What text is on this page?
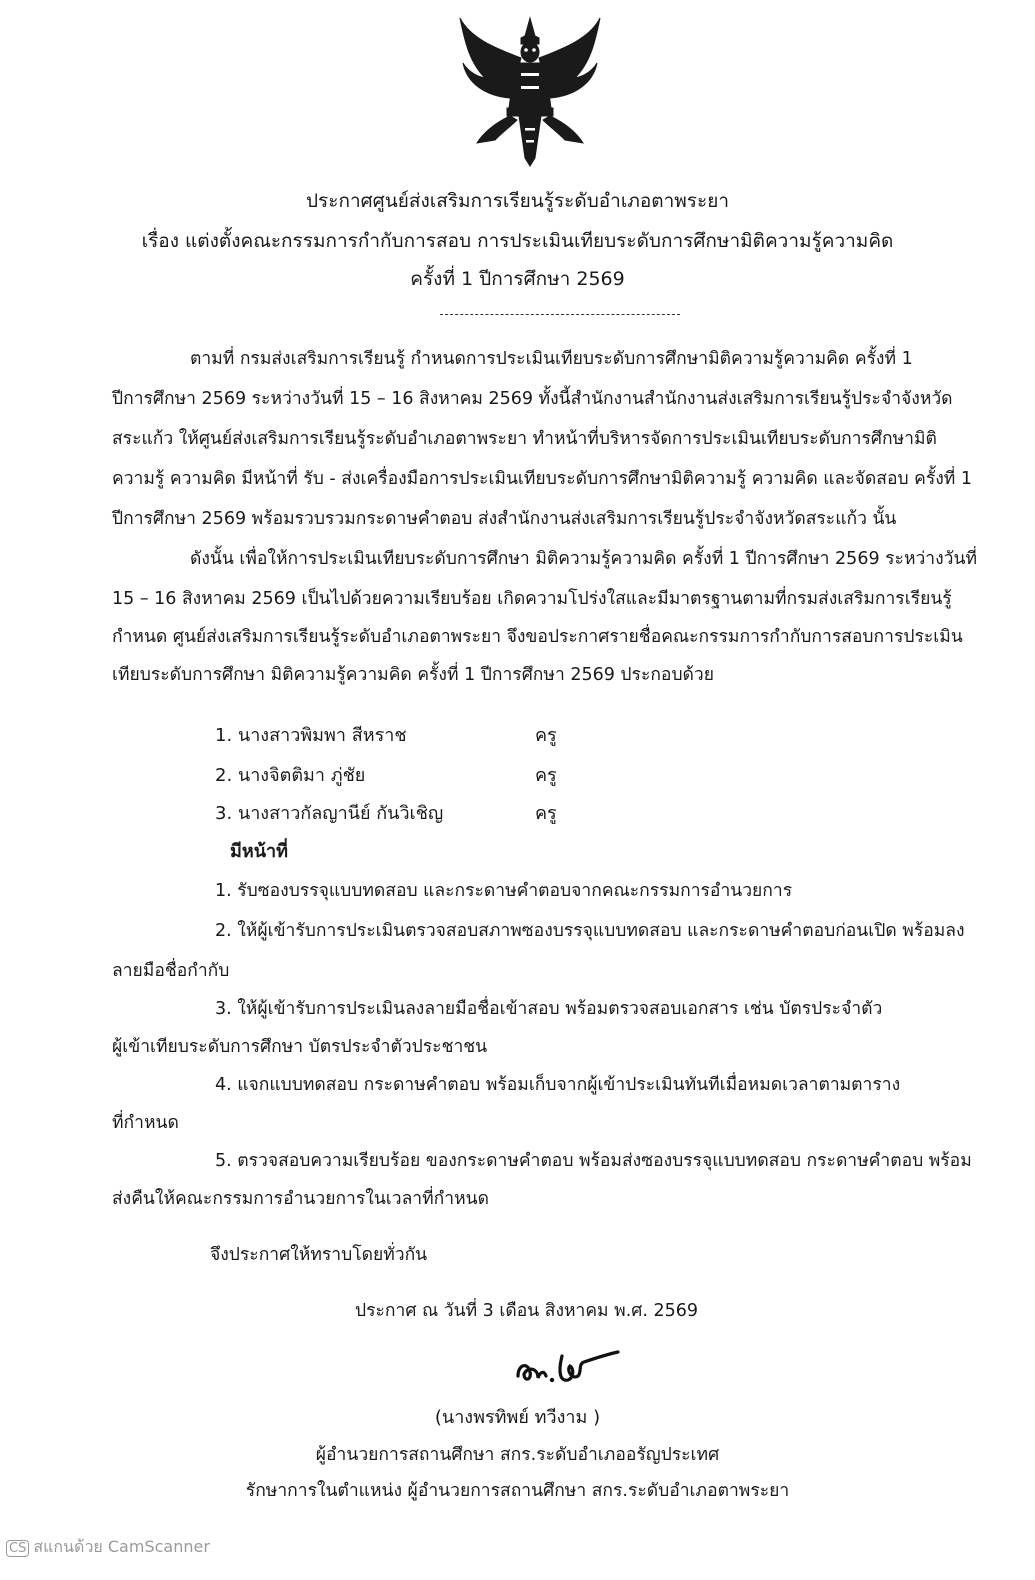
ประกาศศูนย์ส่งเสริมการเรียนรู้ระดับอำเภอตาพระยา
เรื่อง แต่งตั้งคณะกรรมการกำกับการสอบ การประเมินเทียบระดับการศึกษามิติความรู้ความคิด
ครั้งที่ 1 ปีการศึกษา 2569
ตามที่ กรมส่งเสริมการเรียนรู้ กำหนดการประเมินเทียบระดับการศึกษามิติความรู้ความคิด ครั้งที่ 1
ปีการศึกษา 2569 ระหว่างวันที่ 15 – 16 สิงหาคม 2569 ทั้งนี้สำนักงานสำนักงานส่งเสริมการเรียนรู้ประจำจังหวัด
สระแก้ว ให้ศูนย์ส่งเสริมการเรียนรู้ระดับอำเภอตาพระยา ทำหน้าที่บริหารจัดการประเมินเทียบระดับการศึกษามิติ
ความรู้ ความคิด มีหน้าที่ รับ - ส่งเครื่องมือการประเมินเทียบระดับการศึกษามิติความรู้ ความคิด และจัดสอบ ครั้งที่ 1
ปีการศึกษา 2569 พร้อมรวบรวมกระดาษคำตอบ ส่งสำนักงานส่งเสริมการเรียนรู้ประจำจังหวัดสระแก้ว นั้น
ดังนั้น เพื่อให้การประเมินเทียบระดับการศึกษา มิติความรู้ความคิด ครั้งที่ 1 ปีการศึกษา 2569 ระหว่างวันที่
15 – 16 สิงหาคม 2569 เป็นไปด้วยความเรียบร้อย เกิดความโปร่งใสและมีมาตรฐานตามที่กรมส่งเสริมการเรียนรู้
กำหนด ศูนย์ส่งเสริมการเรียนรู้ระดับอำเภอตาพระยา จึงขอประกาศรายชื่อคณะกรรมการกำกับการสอบการประเมิน
เทียบระดับการศึกษา มิติความรู้ความคิด ครั้งที่ 1 ปีการศึกษา 2569 ประกอบด้วย
1. นางสาวพิมพา สีหราช	ครู
2. นางจิตติมา ภู่ชัย	ครู
3. นางสาวกัลญานีย์ กันวิเชิญ	ครู
มีหน้าที่
1. รับซองบรรจุแบบทดสอบ และกระดาษคำตอบจากคณะกรรมการอำนวยการ
2. ให้ผู้เข้ารับการประเมินตรวจสอบสภาพซองบรรจุแบบทดสอบ และกระดาษคำตอบก่อนเปิด พร้อมลง
ลายมือชื่อกำกับ
3. ให้ผู้เข้ารับการประเมินลงลายมือชื่อเข้าสอบ พร้อมตรวจสอบเอกสาร เช่น บัตรประจำตัว
ผู้เข้าเทียบระดับการศึกษา บัตรประจำตัวประชาชน
4. แจกแบบทดสอบ กระดาษคำตอบ พร้อมเก็บจากผู้เข้าประเมินทันทีเมื่อหมดเวลาตามตาราง
ที่กำหนด
5. ตรวจสอบความเรียบร้อย ของกระดาษคำตอบ พร้อมส่งซองบรรจุแบบทดสอบ กระดาษคำตอบ พร้อม
ส่งคืนให้คณะกรรมการอำนวยการในเวลาที่กำหนด
จึงประกาศให้ทราบโดยทั่วกัน
ประกาศ ณ วันที่ 3 เดือน สิงหาคม พ.ศ. 2569
(นางพรทิพย์ ทวีงาม )
ผู้อำนวยการสถานศึกษา สกร.ระดับอำเภออรัญประเทศ
รักษาการในตำแหน่ง ผู้อำนวยการสถานศึกษา สกร.ระดับอำเภอตาพระยา
CS สแกนด้วย CamScanner
